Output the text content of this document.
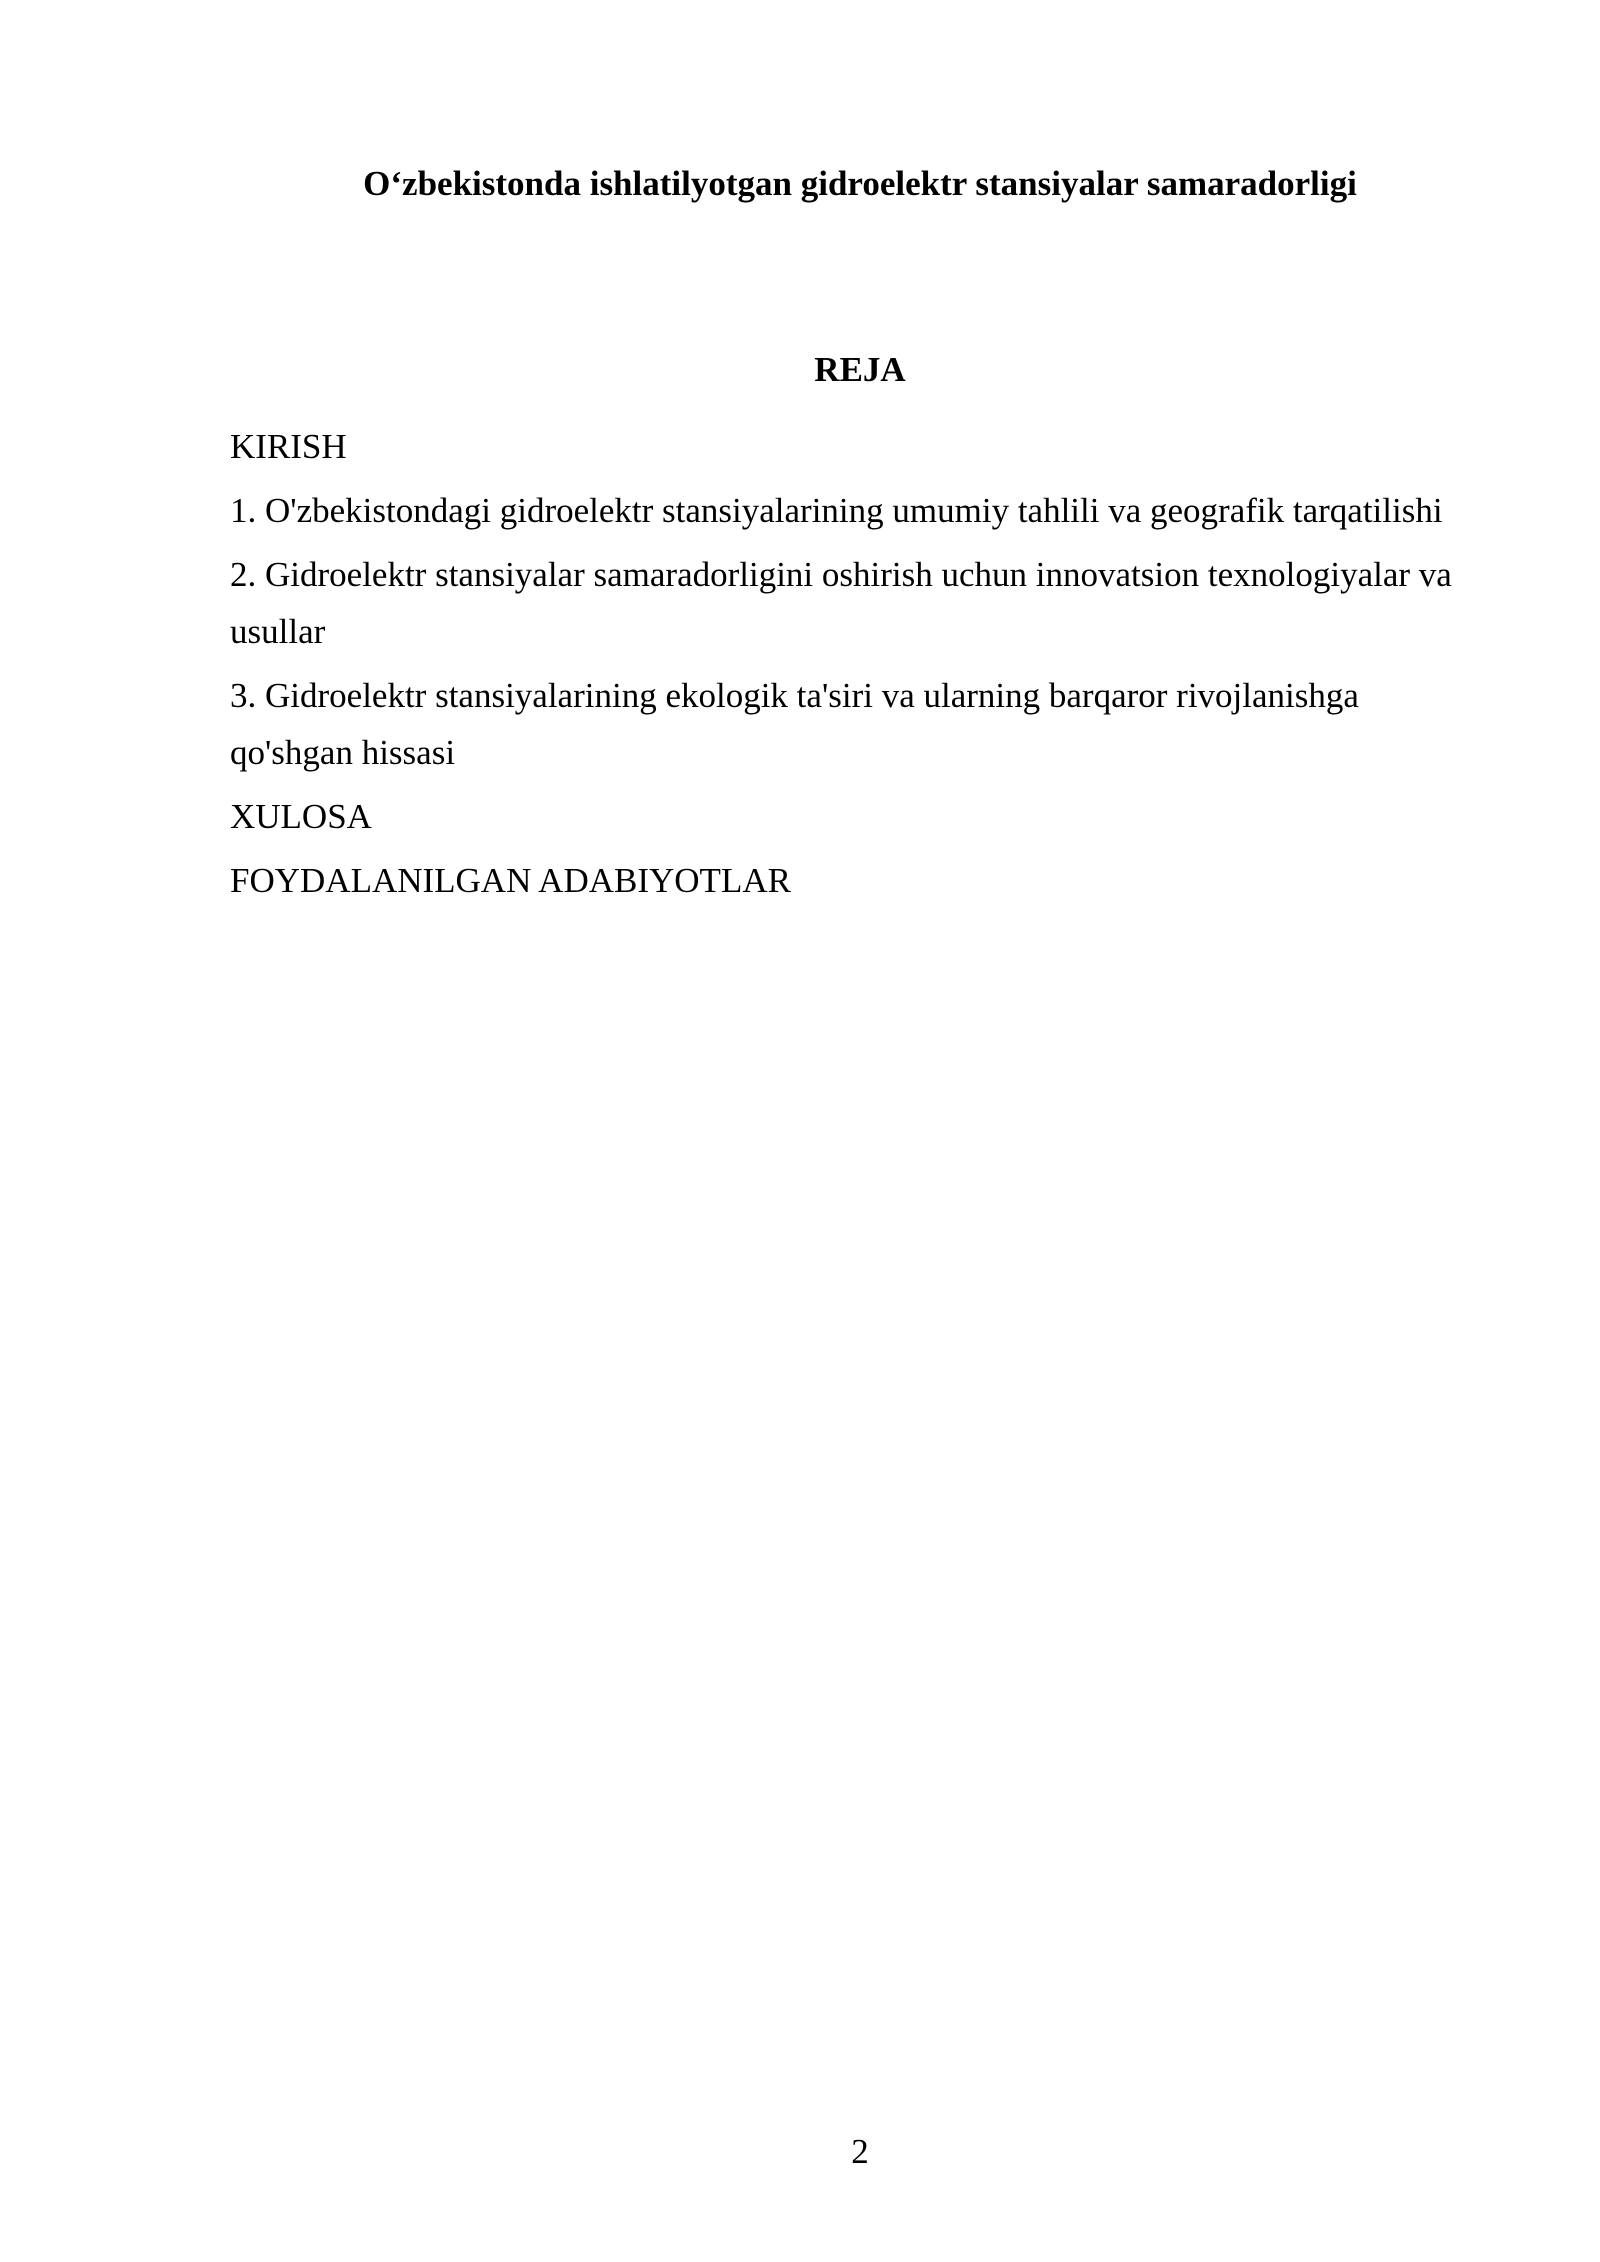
O‘zbekistonda ishlatilyotgan gidroelektr stansiyalar samaradorligi
REJA
KIRISH
1. O'zbekistondagi gidroelektr stansiyalarining umumiy tahlili va geografik tarqatilishi
2. Gidroelektr stansiyalar samaradorligini oshirish uchun innovatsion texnologiyalar va usullar
3. Gidroelektr stansiyalarining ekologik ta'siri va ularning barqaror rivojlanishga qo'shgan hissasi
XULOSA
FOYDALANILGAN ADABIYOTLAR
2
